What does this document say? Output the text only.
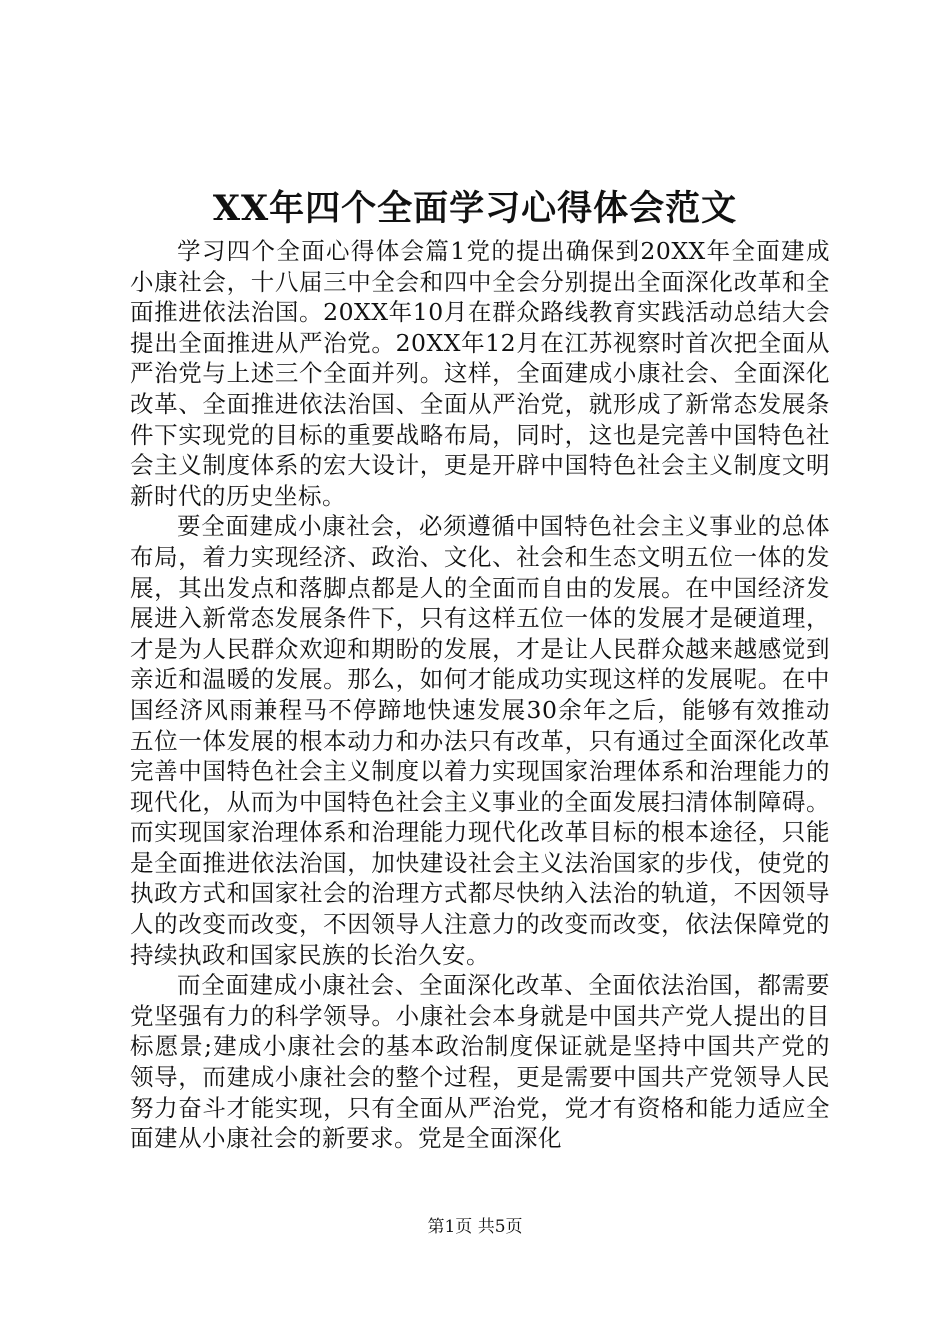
XX年四个全面学习心得体会范文

学习四个全面心得体会篇1党的提出确保到20XX年全面建成小康社会，十八届三中全会和四中全会分别提出全面深化改革和全面推进依法治国。20XX年10月在群众路线教育实践活动总结大会提出全面推进从严治党。20XX年12月在江苏视察时首次把全面从严治党与上述三个全面并列。这样，全面建成小康社会、全面深化改革、全面推进依法治国、全面从严治党，就形成了新常态发展条件下实现党的目标的重要战略布局，同时，这也是完善中国特色社会主义制度体系的宏大设计，更是开辟中国特色社会主义制度文明新时代的历史坐标。

要全面建成小康社会，必须遵循中国特色社会主义事业的总体布局，着力实现经济、政治、文化、社会和生态文明五位一体的发展，其出发点和落脚点都是人的全面而自由的发展。在中国经济发展进入新常态发展条件下，只有这样五位一体的发展才是硬道理，才是为人民群众欢迎和期盼的发展，才是让人民群众越来越感觉到亲近和温暖的发展。那么，如何才能成功实现这样的发展呢。在中国经济风雨兼程马不停蹄地快速发展30余年之后，能够有效推动五位一体发展的根本动力和办法只有改革，只有通过全面深化改革完善中国特色社会主义制度以着力实现国家治理体系和治理能力的现代化，从而为中国特色社会主义事业的全面发展扫清体制障碍。而实现国家治理体系和治理能力现代化改革目标的根本途径，只能是全面推进依法治国，加快建设社会主义法治国家的步伐，使党的执政方式和国家社会的治理方式都尽快纳入法治的轨道，不因领导人的改变而改变，不因领导人注意力的改变而改变，依法保障党的持续执政和国家民族的长治久安。

而全面建成小康社会、全面深化改革、全面依法治国，都需要党坚强有力的科学领导。小康社会本身就是中国共产党人提出的目标愿景;建成小康社会的基本政治制度保证就是坚持中国共产党的领导，而建成小康社会的整个过程，更是需要中国共产党领导人民努力奋斗才能实现，只有全面从严治党，党才有资格和能力适应全面建从小康社会的新要求。党是全面深化

第1页 共5页
